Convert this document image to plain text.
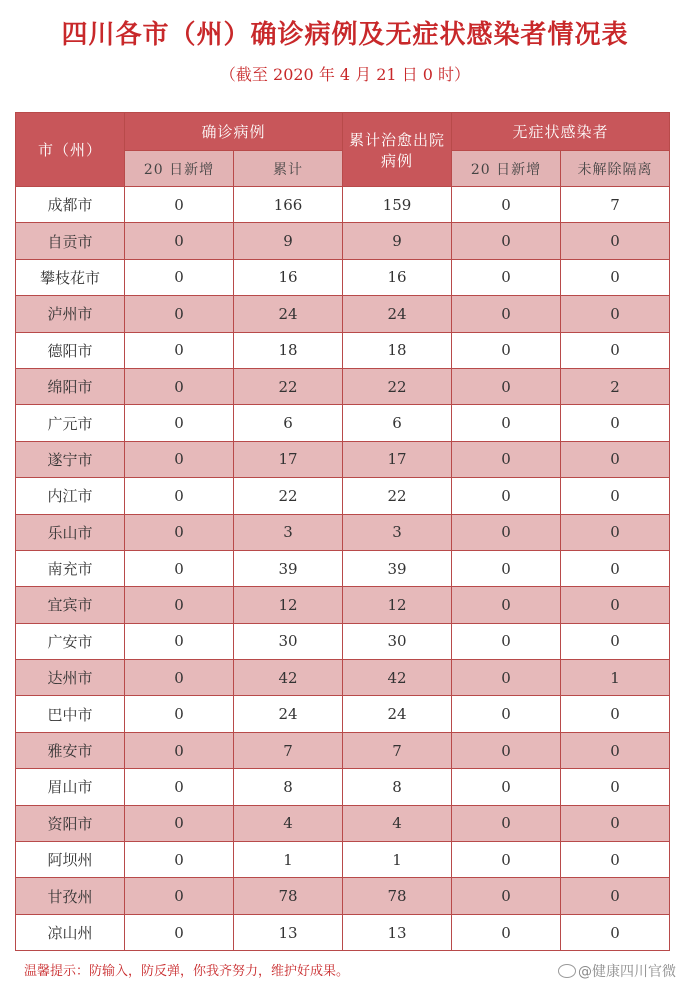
四川各市（州）确诊病例及无症状感染者情况表
（截至 2020 年 4 月 21 日 0 时）
市（州）	确诊病例		累计治愈出院病例	无症状感染者	
	20 日新增	累计		20 日新增	未解除隔离
成都市	0	166	159	0	7
自贡市	0	9	9	0	0
攀枝花市	0	16	16	0	0
泸州市	0	24	24	0	0
德阳市	0	18	18	0	0
绵阳市	0	22	22	0	2
广元市	0	6	6	0	0
遂宁市	0	17	17	0	0
内江市	0	22	22	0	0
乐山市	0	3	3	0	0
南充市	0	39	39	0	0
宜宾市	0	12	12	0	0
广安市	0	30	30	0	0
达州市	0	42	42	0	1
巴中市	0	24	24	0	0
雅安市	0	7	7	0	0
眉山市	0	8	8	0	0
资阳市	0	4	4	0	0
阿坝州	0	1	1	0	0
甘孜州	0	78	78	0	0
凉山州	0	13	13	0	0
温馨提示：防输入，防反弹，你我齐努力，维护好成果。	@健康四川官微
